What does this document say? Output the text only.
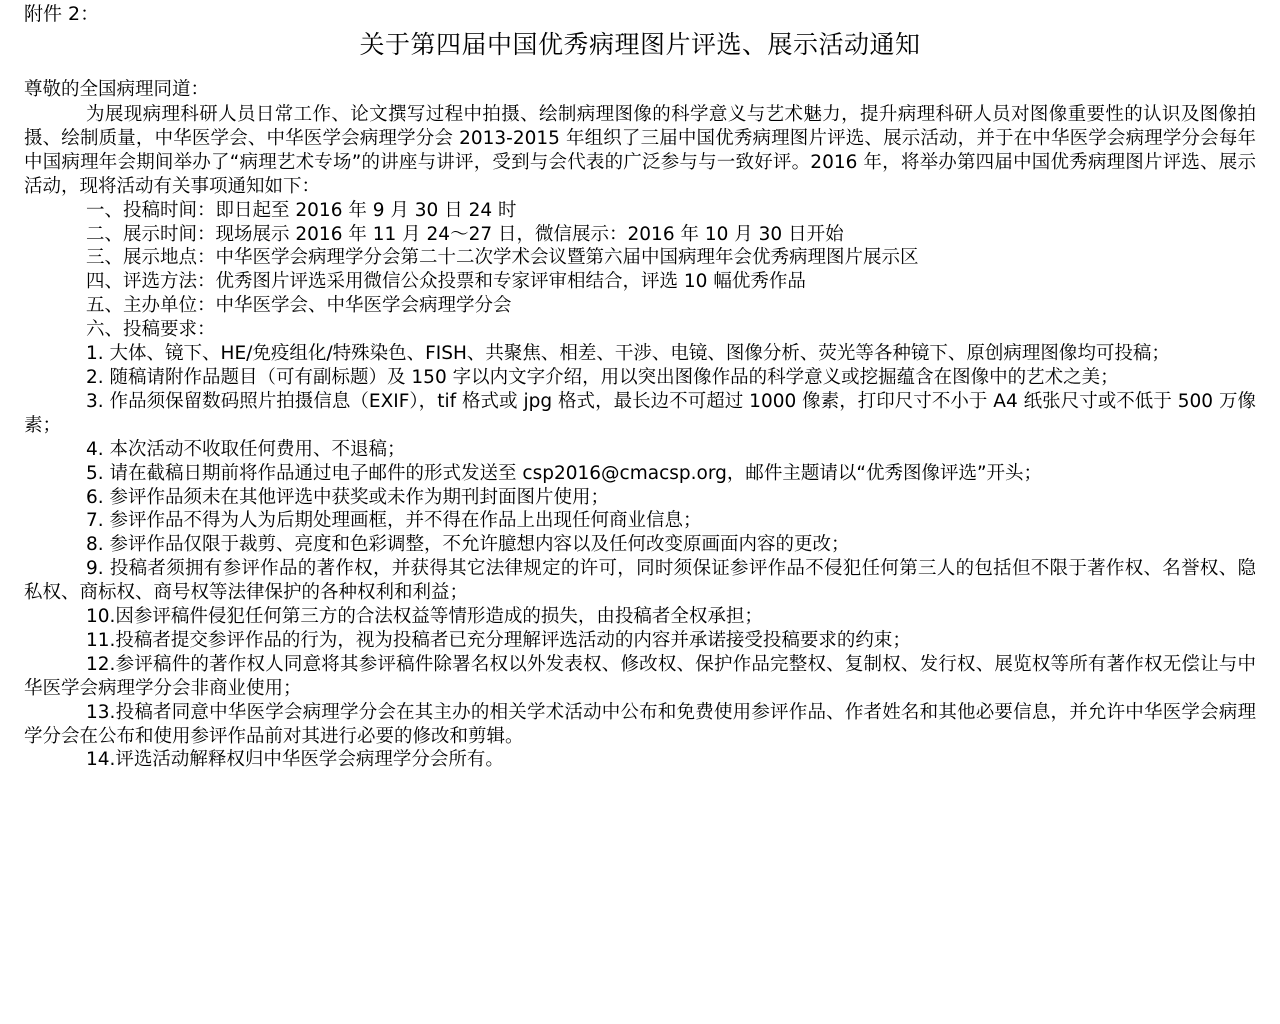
附件 2：
关于第四届中国优秀病理图片评选、展示活动通知
尊敬的全国病理同道：

为展现病理科研人员日常工作、论文撰写过程中拍摄、绘制病理图像的科学意义与艺术魅力，提升病理科研人员对图像重要性的认识及图像拍摄、绘制质量，中华医学会、中华医学会病理学分会 2013-2015 年组织了三届中国优秀病理图片评选、展示活动，并于在中华医学会病理学分会每年中国病理年会期间举办了“病理艺术专场”的讲座与讲评，受到与会代表的广泛参与与一致好评。2016 年，将举办第四届中国优秀病理图片评选、展示活动，现将活动有关事项通知如下：

一、投稿时间： 即日起至 2016 年 9 月 30 日 24 时
二、展示时间： 现场展示 2016 年 11 月 24～27 日，微信展示：2016 年 10 月 30 日开始
三、展示地点： 中华医学会病理学分会第二十二次学术会议暨第六届中国病理年会优秀病理图片展示区
四、评选方法： 优秀图片评选采用微信公众投票和专家评审相结合，评选 10 幅优秀作品
五、主办单位： 中华医学会、中华医学会病理学分会
六、投稿要求：

1. 大体、镜下、HE/免疫组化/特殊染色、FISH、共聚焦、相差、干涉、电镜、图像分析、荧光等各种镜下、原创病理图像均可投稿；

2. 随稿请附作品题目（可有副标题）及 150 字以内文字介绍，用以突出图像作品的科学意义或挖掘蕴含在图像中的艺术之美；

3. 作品须保留数码照片拍摄信息（EXIF），tif 格式或 jpg 格式，最长边不可超过 1000 像素，打印尺寸不小于 A4 纸张尺寸或不低于 500 万像素；

4. 本次活动不收取任何费用、不退稿；

5. 请在截稿日期前将作品通过电子邮件的形式发送至 csp2016@cmacsp.org，邮件主题请以“优秀图像评选”开头；

6. 参评作品须未在其他评选中获奖或未作为期刊封面图片使用；

7. 参评作品不得为人为后期处理画框，并不得在作品上出现任何商业信息；

8. 参评作品仅限于裁剪、亮度和色彩调整，不允许臆想内容以及任何改变原画面内容的更改；

9. 投稿者须拥有参评作品的著作权，并获得其它法律规定的许可，同时须保证参评作品不侵犯任何第三人的包括但不限于著作权、名誉权、隐私权、商标权、商号权等法律保护的各种权利和利益；

10.因参评稿件侵犯任何第三方的合法权益等情形造成的损失，由投稿者全权承担；

11.投稿者提交参评作品的行为，视为投稿者已充分理解评选活动的内容并承诺接受投稿要求的约束；

12.参评稿件的著作权人同意将其参评稿件除署名权以外发表权、修改权、保护作品完整权、复制权、发行权、展览权等所有著作权无偿让与中华医学会病理学分会非商业使用；

13.投稿者同意中华医学会病理学分会在其主办的相关学术活动中公布和免费使用参评作品、作者姓名和其他必要信息，并允许中华医学会病理学分会在公布和使用参评作品前对其进行必要的修改和剪辑。

14.评选活动解释权归中华医学会病理学分会所有。
